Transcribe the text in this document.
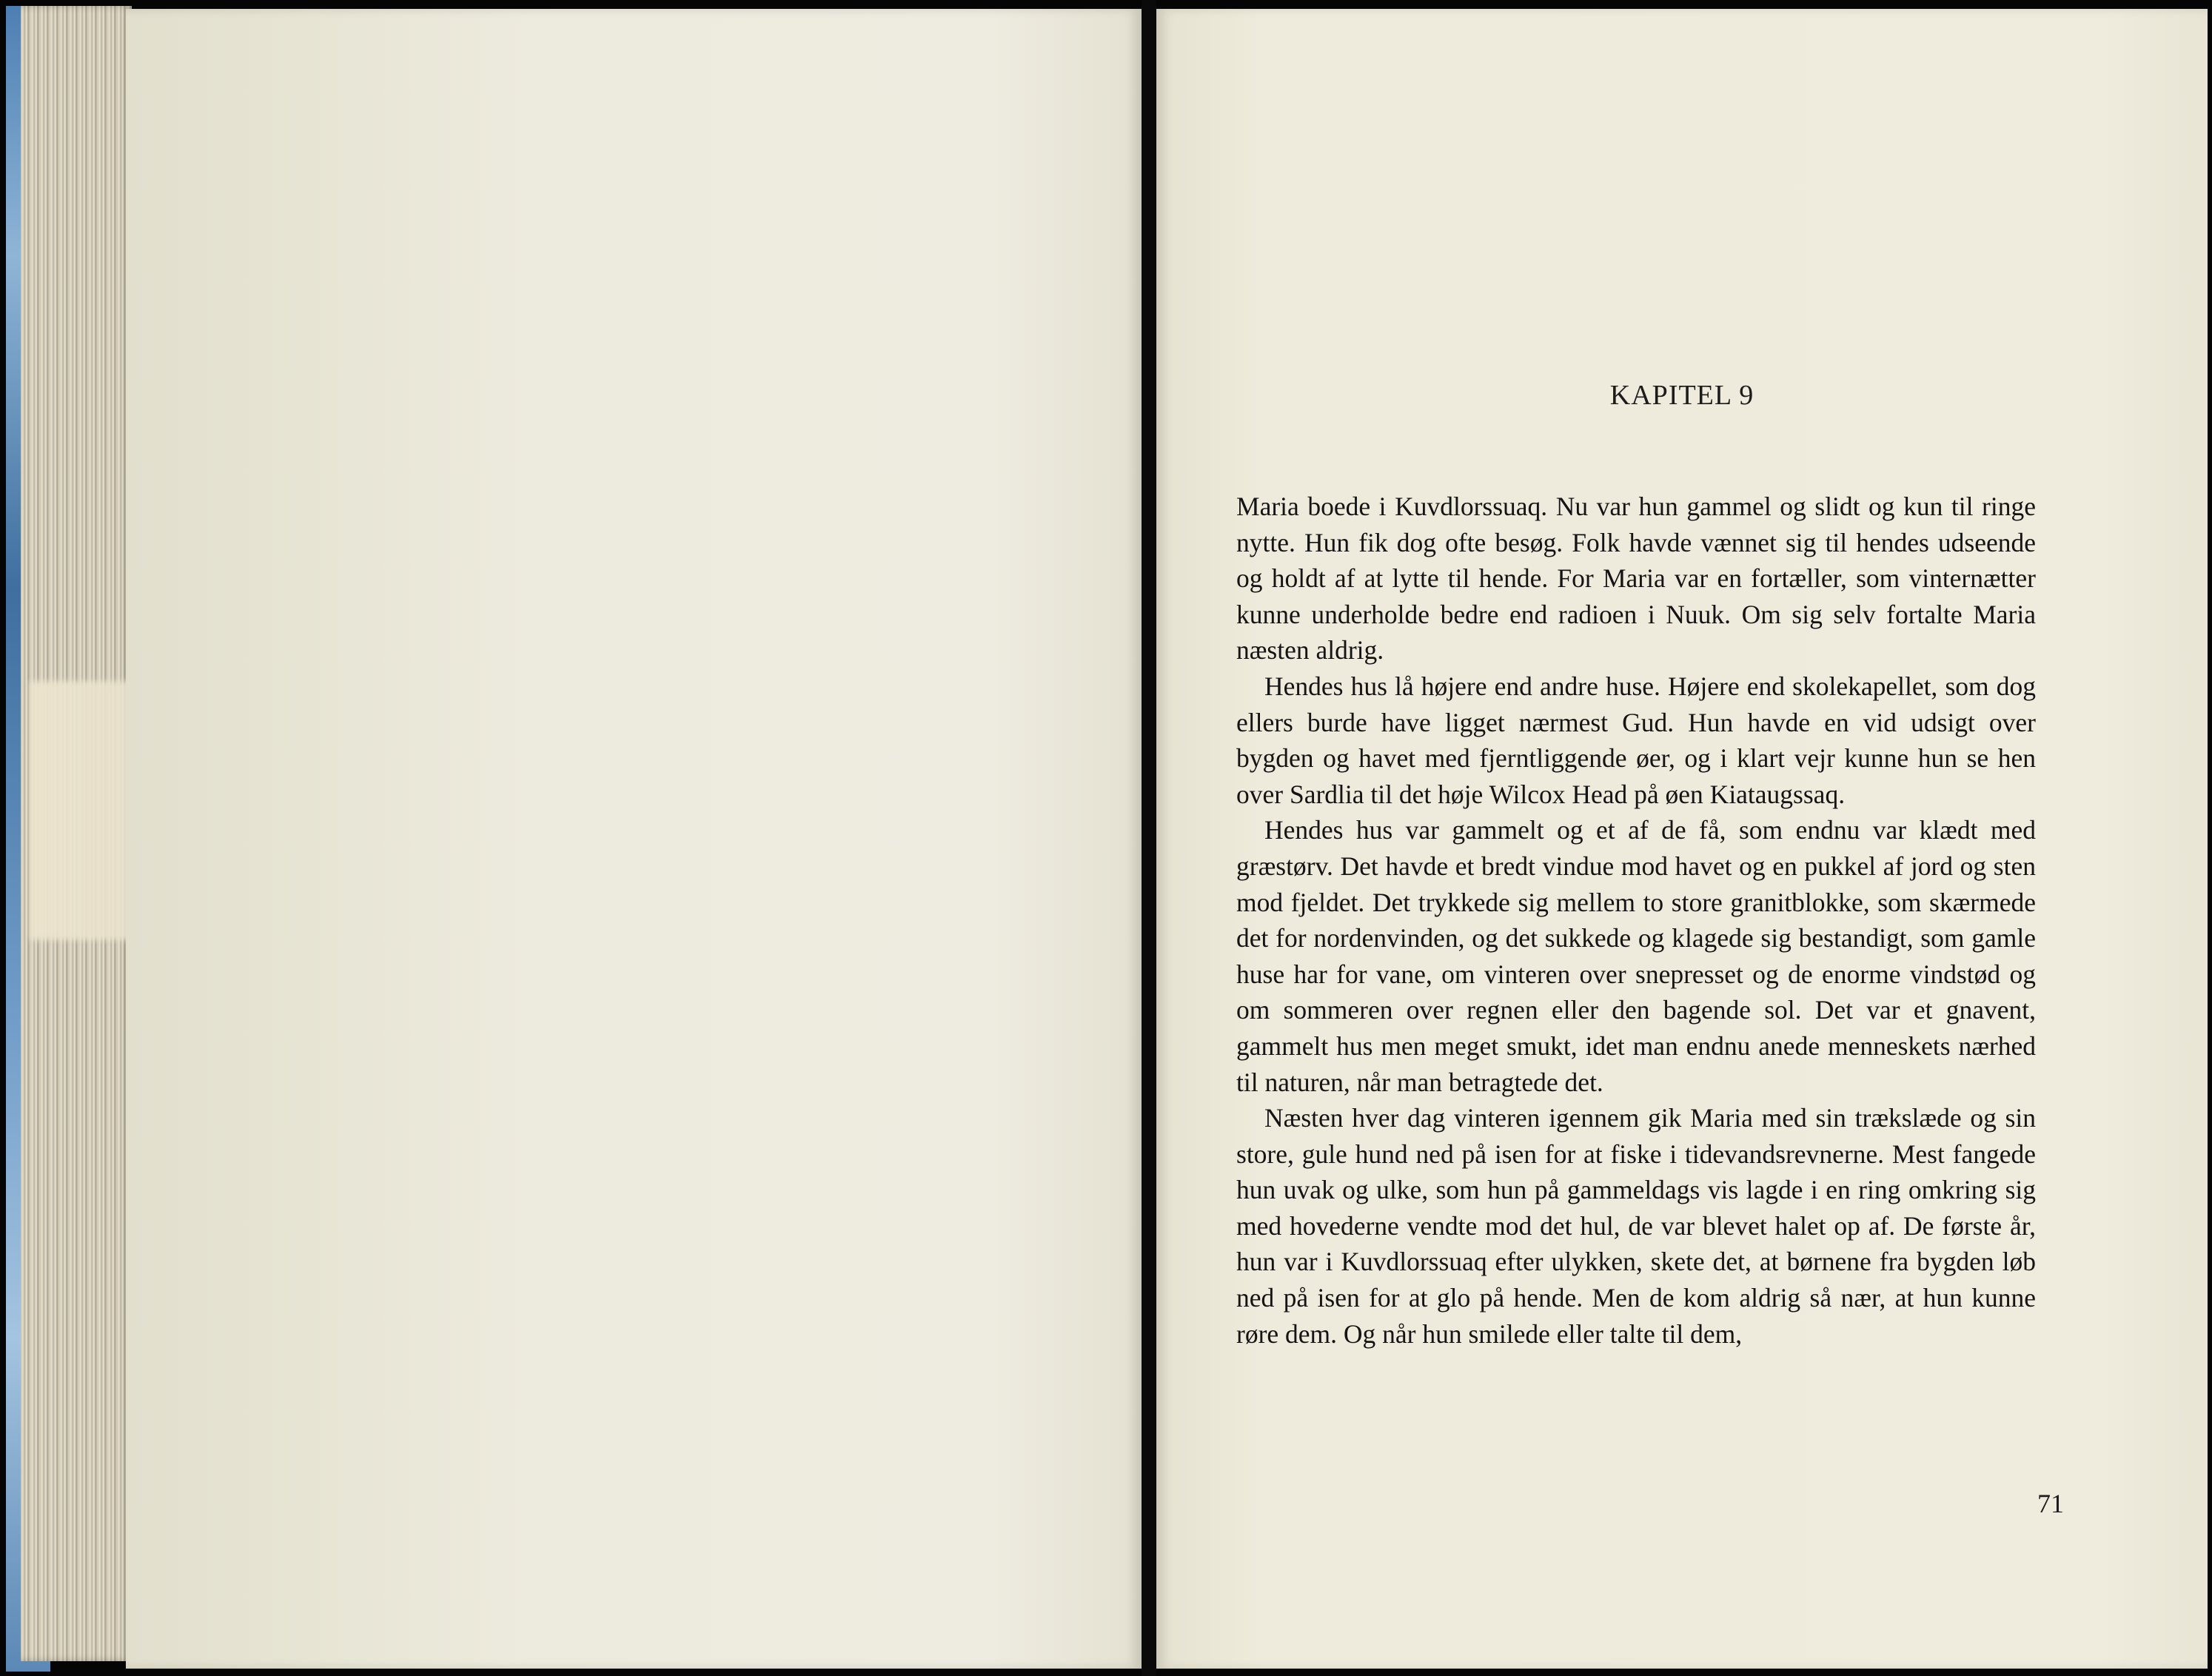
KAPITEL 9

Maria boede i Kuvdlorssuaq. Nu var hun gammel og slidt og kun til ringe nytte. Hun fik dog ofte besøg. Folk havde vænnet sig til hendes udseende og holdt af at lytte til hende. For Maria var en fortæller, som vinternætter kunne underholde bedre end radioen i Nuuk. Om sig selv fortalte Maria næsten aldrig.

Hendes hus lå højere end andre huse. Højere end skolekapellet, som dog ellers burde have ligget nærmest Gud. Hun havde en vid udsigt over bygden og havet med fjerntliggende øer, og i klart vejr kunne hun se hen over Sardlia til det høje Wilcox Head på øen Kiataugssaq.

Hendes hus var gammelt og et af de få, som endnu var klædt med græstørv. Det havde et bredt vindue mod havet og en pukkel af jord og sten mod fjeldet. Det trykkede sig mellem to store granitblokke, som skærmede det for nordenvinden, og det sukkede og klagede sig bestandigt, som gamle huse har for vane, om vinteren over snepresset og de enorme vindstød og om sommeren over regnen eller den bagende sol. Det var et gnavent, gammelt hus men meget smukt, idet man endnu anede menneskets nærhed til naturen, når man betragtede det.

Næsten hver dag vinteren igennem gik Maria med sin trækslæde og sin store, gule hund ned på isen for at fiske i tidevandsrevnerne. Mest fangede hun uvak og ulke, som hun på gammeldags vis lagde i en ring omkring sig med hovederne vendte mod det hul, de var blevet halet op af. De første år, hun var i Kuvdlorssuaq efter ulykken, skete det, at børnene fra bygden løb ned på isen for at glo på hende. Men de kom aldrig så nær, at hun kunne røre dem. Og når hun smilede eller talte til dem,

71
